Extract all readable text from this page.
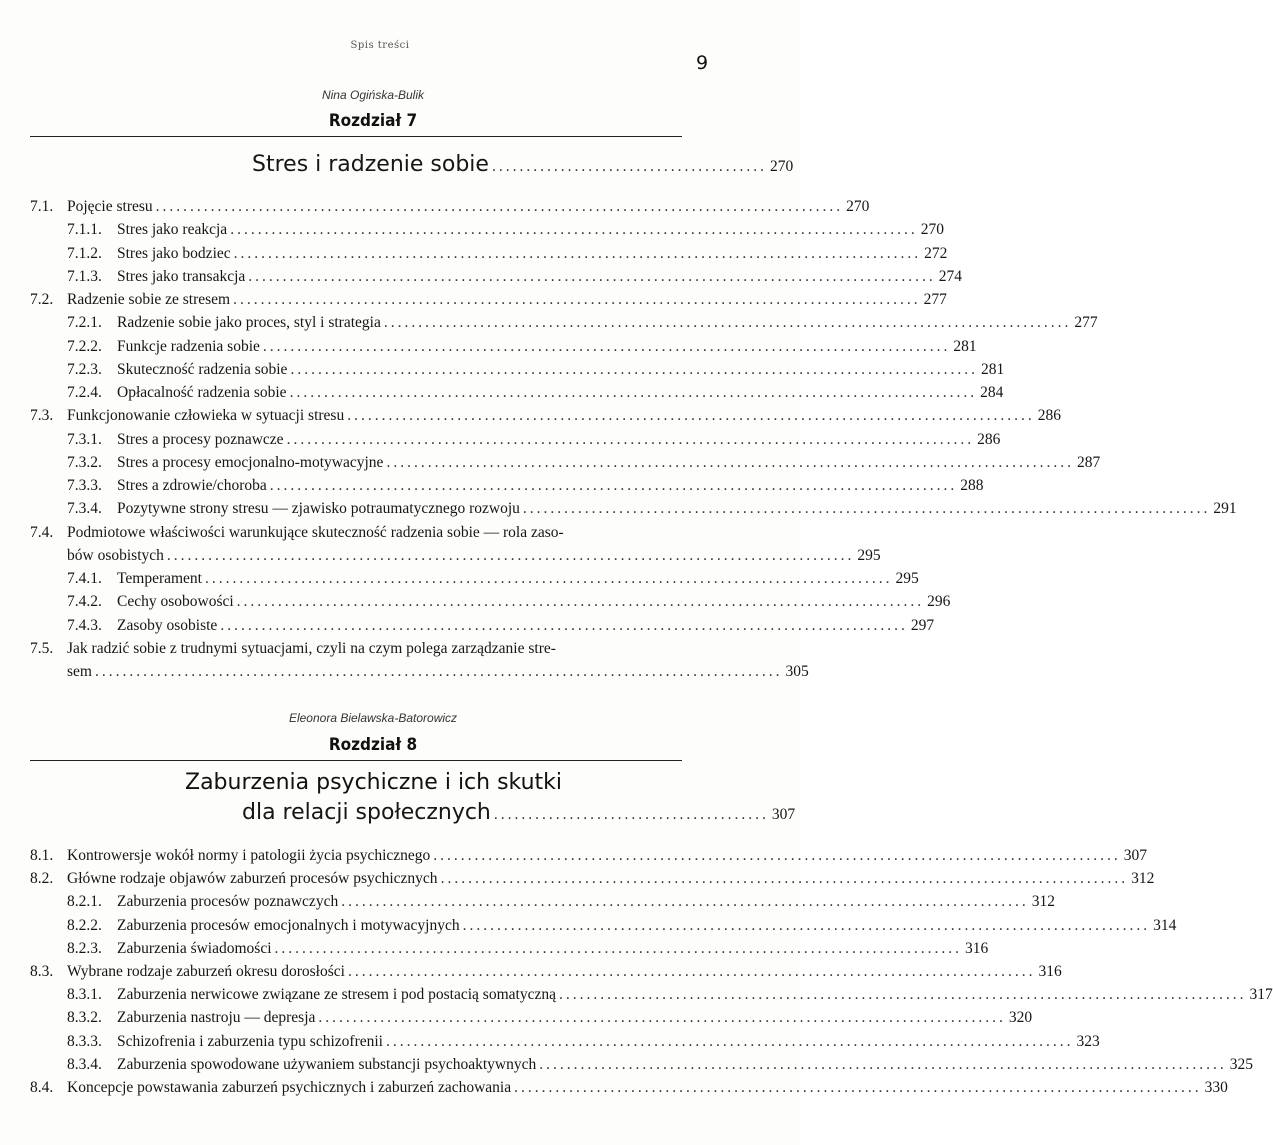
Spis treści
9
Nina Ogińska-Bulik
Rozdział 7
Stres i radzenie sobie ........................................ 270
7.1. Pojęcie stresu .................................................................................................... 270
7.1.1. Stres jako reakcja .................................................................................................... 270
7.1.2. Stres jako bodziec .................................................................................................... 272
7.1.3. Stres jako transakcja .................................................................................................... 274
7.2. Radzenie sobie ze stresem .................................................................................................... 277
7.2.1. Radzenie sobie jako proces, styl i strategia .................................................................................................... 277
7.2.2. Funkcje radzenia sobie .................................................................................................... 281
7.2.3. Skuteczność radzenia sobie .................................................................................................... 281
7.2.4. Opłacalność radzenia sobie .................................................................................................... 284
7.3. Funkcjonowanie człowieka w sytuacji stresu .................................................................................................... 286
7.3.1. Stres a procesy poznawcze .................................................................................................... 286
7.3.2. Stres a procesy emocjonalno-motywacyjne .................................................................................................... 287
7.3.3. Stres a zdrowie/choroba .................................................................................................... 288
7.3.4. Pozytywne strony stresu — zjawisko potraumatycznego rozwoju .................................................................................................... 291
7.4. Podmiotowe właściwości warunkujące skuteczność radzenia sobie — rola zaso-
bów osobistych .................................................................................................... 295
7.4.1. Temperament .................................................................................................... 295
7.4.2. Cechy osobowości .................................................................................................... 296
7.4.3. Zasoby osobiste .................................................................................................... 297
7.5. Jak radzić sobie z trudnymi sytuacjami, czyli na czym polega zarządzanie stre-
sem .................................................................................................... 305
Eleonora Bielawska-Batorowicz
Rozdział 8
Zaburzenia psychiczne i ich skutki
dla relacji społecznych ........................................ 307
8.1. Kontrowersje wokół normy i patologii życia psychicznego .................................................................................................... 307
8.2. Główne rodzaje objawów zaburzeń procesów psychicznych .................................................................................................... 312
8.2.1. Zaburzenia procesów poznawczych .................................................................................................... 312
8.2.2. Zaburzenia procesów emocjonalnych i motywacyjnych .................................................................................................... 314
8.2.3. Zaburzenia świadomości .................................................................................................... 316
8.3. Wybrane rodzaje zaburzeń okresu dorosłości .................................................................................................... 316
8.3.1. Zaburzenia nerwicowe związane ze stresem i pod postacią somatyczną .................................................................................................... 317
8.3.2. Zaburzenia nastroju — depresja .................................................................................................... 320
8.3.3. Schizofrenia i zaburzenia typu schizofrenii .................................................................................................... 323
8.3.4. Zaburzenia spowodowane używaniem substancji psychoaktywnych .................................................................................................... 325
8.4. Koncepcje powstawania zaburzeń psychicznych i zaburzeń zachowania .................................................................................................... 330
